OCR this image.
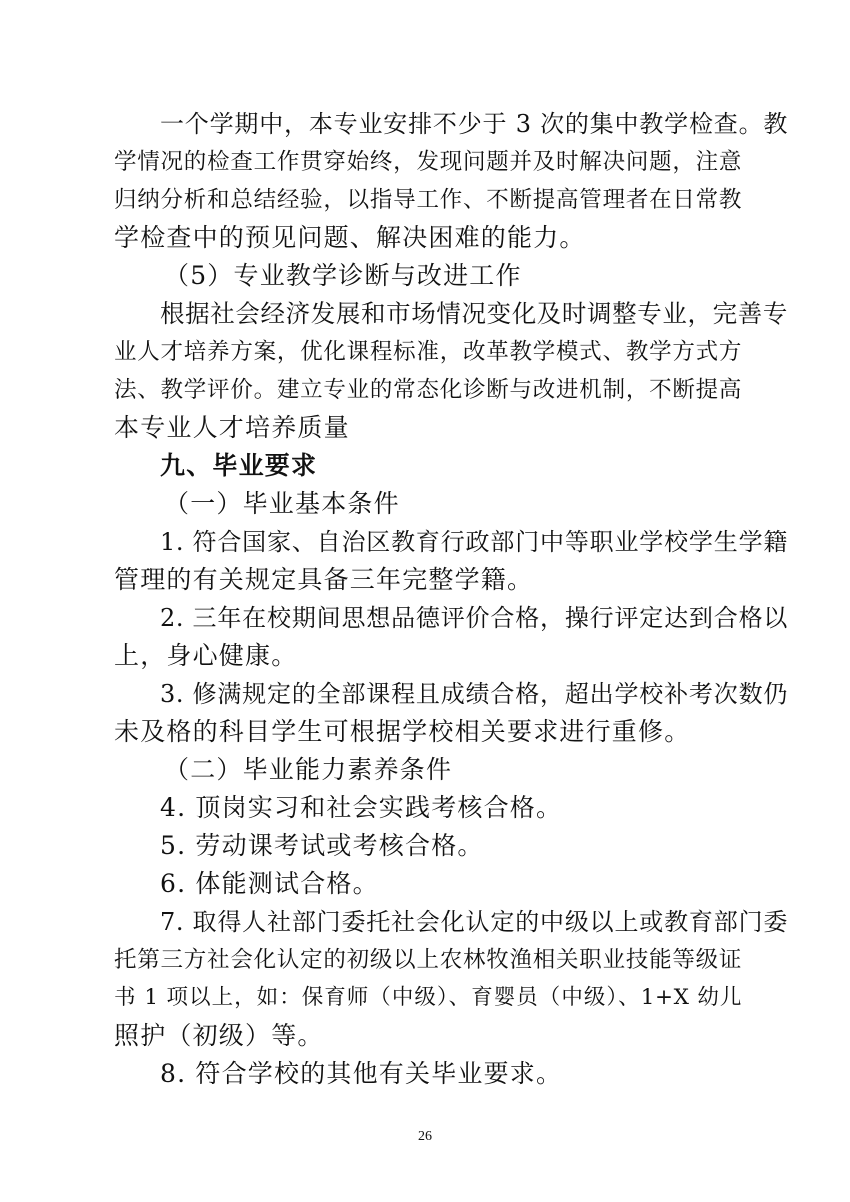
一个学期中，本专业安排不少于 3 次的集中教学检查。教
学情况的检查工作贯穿始终，发现问题并及时解决问题，注意
归纳分析和总结经验，以指导工作、不断提高管理者在日常教
学检查中的预见问题、解决困难的能力。
（5）专业教学诊断与改进工作
根据社会经济发展和市场情况变化及时调整专业，完善专
业人才培养方案，优化课程标准，改革教学模式、教学方式方
法、教学评价。建立专业的常态化诊断与改进机制，不断提高
本专业人才培养质量
九、毕业要求
（一）毕业基本条件
1. 符合国家、自治区教育行政部门中等职业学校学生学籍
管理的有关规定具备三年完整学籍。
2. 三年在校期间思想品德评价合格，操行评定达到合格以
上，身心健康。
3. 修满规定的全部课程且成绩合格，超出学校补考次数仍
未及格的科目学生可根据学校相关要求进行重修。
（二）毕业能力素养条件
4. 顶岗实习和社会实践考核合格。
5. 劳动课考试或考核合格。
6. 体能测试合格。
7. 取得人社部门委托社会化认定的中级以上或教育部门委
托第三方社会化认定的初级以上农林牧渔相关职业技能等级证
书 1 项以上，如：保育师（中级）、育婴员（中级）、1+X 幼儿
照护（初级）等。
8. 符合学校的其他有关毕业要求。
26
